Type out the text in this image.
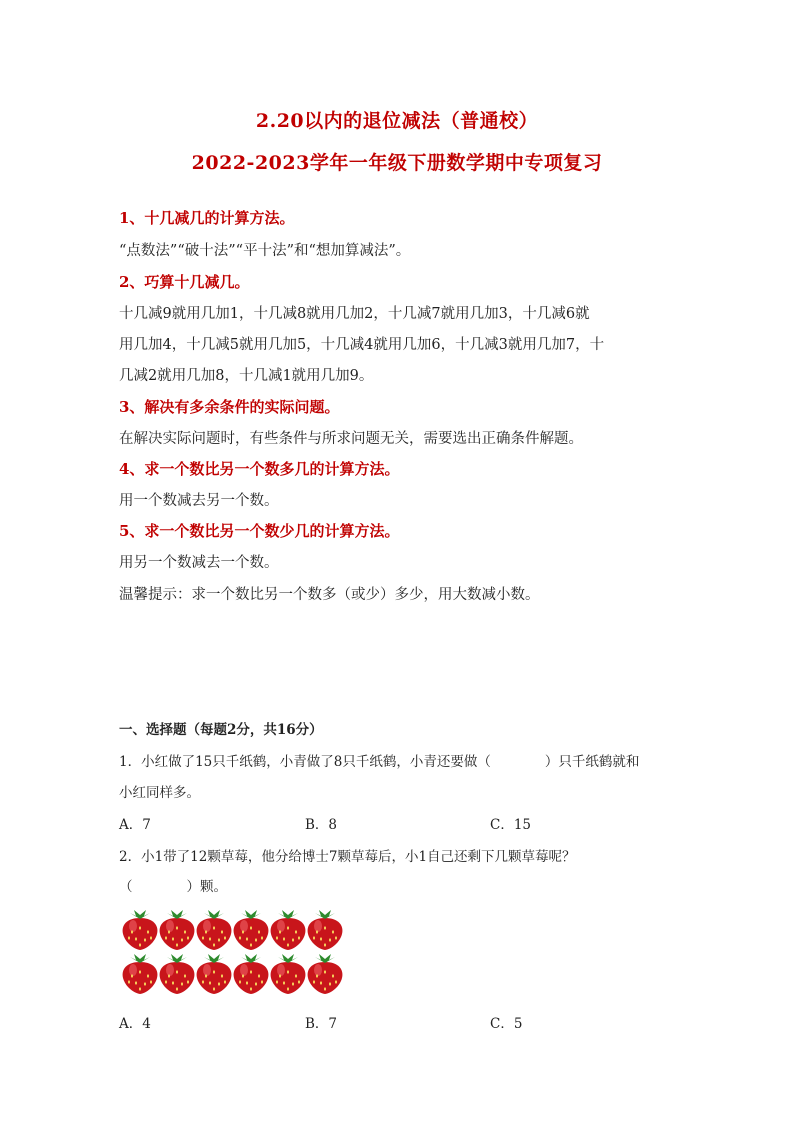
2.20以内的退位减法（普通校）
2022-2023学年一年级下册数学期中专项复习
1、十几减几的计算方法。
“点数法”“破十法”“平十法”和“想加算减法”。
2、巧算十几减几。
十几减9就用几加1，十几减8就用几加2，十几减7就用几加3，十几减6就
用几加4，十几减5就用几加5，十几减4就用几加6，十几减3就用几加7，十
几减2就用几加8，十几减1就用几加9。
3、解决有多余条件的实际问题。
在解决实际问题时，有些条件与所求问题无关，需要选出正确条件解题。
4、求一个数比另一个数多几的计算方法。
用一个数减去另一个数。
5、求一个数比另一个数少几的计算方法。
用另一个数减去一个数。
温馨提示：求一个数比另一个数多（或少）多少，用大数减小数。
一、选择题（每题2分，共16分）
1．小红做了15只千纸鹤，小青做了8只千纸鹤，小青还要做（　　　　）只千纸鹤就和
小红同样多。
A．7	B．8	C．15
2．小1带了12颗草莓，他分给博士7颗草莓后，小1自己还剩下几颗草莓呢？
（　　　　）颗。
A．4	B．7	C．5
